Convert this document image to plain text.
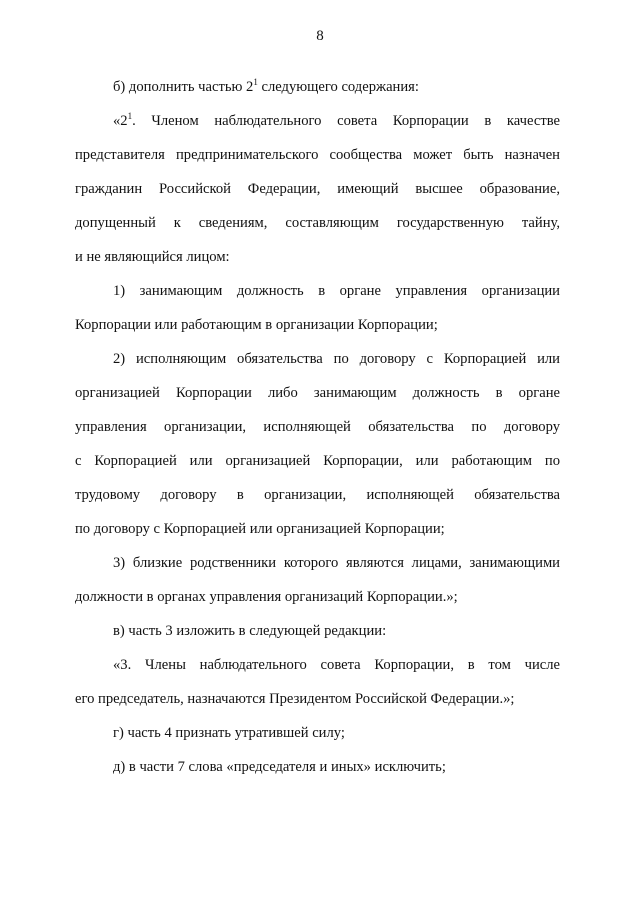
8
б) дополнить частью $2^1$ следующего содержания:
«$2^1$. Членом наблюдательного совета Корпорации в качестве
представителя предпринимательского сообщества может быть назначен
гражданин Российской Федерации, имеющий высшее образование,
допущенный к сведениям, составляющим государственную тайну,
и не являющийся лицом:
1) занимающим должность в органе управления организации
Корпорации или работающим в организации Корпорации;
2) исполняющим обязательства по договору с Корпорацией или
организацией Корпорации либо занимающим должность в органе
управления организации, исполняющей обязательства по договору
с Корпорацией или организацией Корпорации, или работающим по
трудовому договору в организации, исполняющей обязательства
по договору с Корпорацией или организацией Корпорации;
3) близкие родственники которого являются лицами, занимающими
должности в органах управления организаций Корпорации.»;
в) часть 3 изложить в следующей редакции:
«3. Члены наблюдательного совета Корпорации, в том числе
его председатель, назначаются Президентом Российской Федерации.»;
г) часть 4 признать утратившей силу;
д) в части 7 слова «председателя и иных» исключить;
